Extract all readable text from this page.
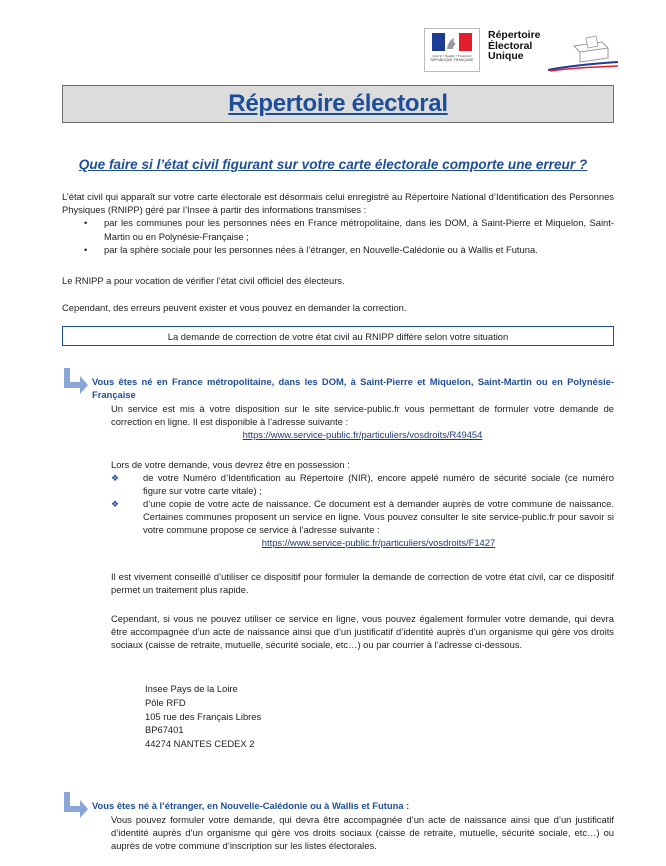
Liberté • Égalité • Fraternité
RÉPUBLIQUE FRANÇAISE
Répertoire
Électoral
Unique
Répertoire électoral
Que faire si l’état civil figurant sur votre carte électorale comporte une erreur ?

L’état civil qui apparaît sur votre carte électorale est désormais celui enregistré au Répertoire National d’Identification des Personnes Physiques (RNIPP) géré par l’Insee à partir des informations transmises :

• par les communes pour les personnes nées en France métropolitaine, dans les DOM, à Saint-Pierre et Miquelon, Saint-Martin ou en Polynésie-Française ;
• par la sphère sociale pour les personnes nées à l’étranger, en Nouvelle-Calédonie ou à Wallis et Futuna.

Le RNIPP a pour vocation de vérifier l’état civil officiel des électeurs.

Cependant, des erreurs peuvent exister et vous pouvez en demander la correction.

La demande de correction de votre état civil au RNIPP diffère selon votre situation
Vous êtes né en France métropolitaine, dans les DOM, à Saint-Pierre et Miquelon, Saint-Martin ou en Polynésie-Française

Un service est mis à votre disposition sur le site service-public.fr vous permettant de formuler votre demande de correction en ligne. Il est disponible à l’adresse suivante :

https://www.service-public.fr/particuliers/vosdroits/R49454

Lors de votre demande, vous devrez être en possession :

❖	de votre Numéro d’Identification au Répertoire (NIR), encore appelé numéro de sécurité sociale (ce numéro figure sur votre carte vitale) ;
❖	d’une copie de votre acte de naissance. Ce document est à demander auprès de votre commune de naissance. Certaines communes proposent un service en ligne. Vous pouvez consulter le site service-public.fr pour savoir si votre commune propose ce service à l’adresse suivante :
https://www.service-public.fr/particuliers/vosdroits/F1427

Il est vivement conseillé d’utiliser ce dispositif pour formuler la demande de correction de votre état civil, car ce dispositif permet un traitement plus rapide.

Cependant, si vous ne pouvez utiliser ce service en ligne, vous pouvez également formuler votre demande, qui devra être accompagnée d’un acte de naissance ainsi que d’un justificatif d’identité auprès d’un organisme qui gère vos droits sociaux (caisse de retraite, mutuelle, sécurité sociale, etc…) ou par courrier à l’adresse ci-dessous.

Insee Pays de la Loire
Pôle RFD
105 rue des Français Libres
BP67401
44274 NANTES CEDEX 2
Vous êtes né à l’étranger, en Nouvelle-Calédonie ou à Wallis et Futuna :

Vous pouvez formuler votre demande, qui devra être accompagnée d’un acte de naissance ainsi que d’un justificatif d’identité auprès d’un organisme qui gère vos droits sociaux (caisse de retraite, mutuelle, sécurité sociale, etc…) ou auprès de votre commune d’inscription sur les listes électorales.
